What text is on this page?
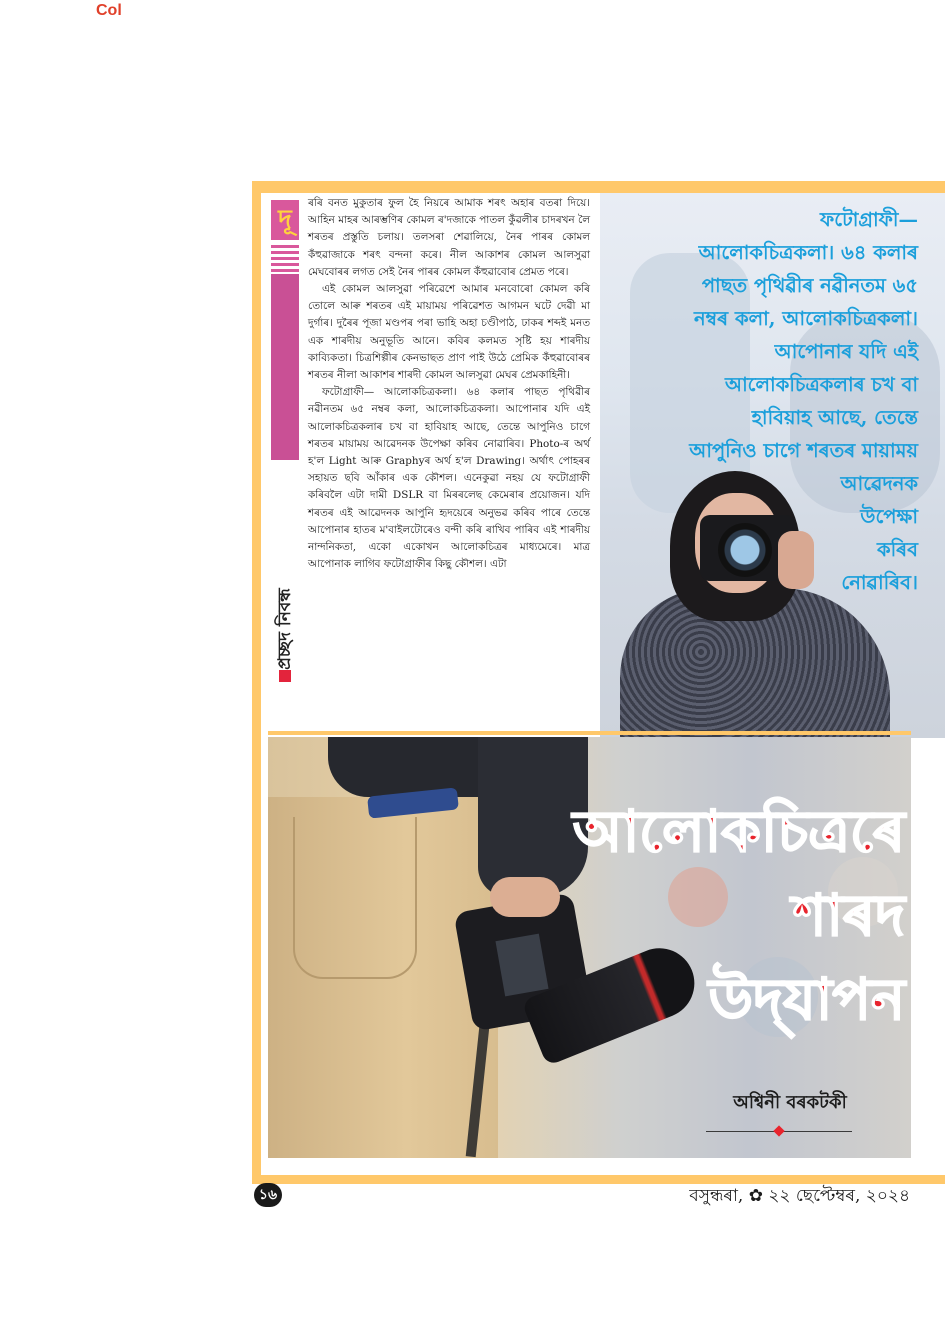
Col
দূ
প্ৰচ্ছদ নিবন্ধ

ৰৰি বনত মুকুতাৰ ফুল হৈ নিয়ৰে আমাক শৰৎ অহাৰ বতৰা দিয়ে। আহিন মাহৰ আৰম্ভণিৰ কোমল ৰ'দজাকে পাতল কুঁৱলীৰ চাদৰখন লৈ শৰতৰ প্ৰস্তুতি চলায়। তলসৰা শেৱালিয়ে, নৈৰ পাৰৰ কোমল কঁহুৱাজাকে শৰৎ বন্দনা কৰে। নীল আকাশৰ কোমল আলসুৱা মেঘবোৰৰ লগত সেই নৈৰ পাৰৰ কোমল কঁহুৱাবোৰ প্ৰেমত পৰে।

এই কোমল আলসুৱা পৰিৱেশে আমাৰ মনবোৰো কোমল কৰি তোলে আৰু শৰতৰ এই মায়াময় পৰিৱেশত আগমন ঘটে দেৱী মা দুৰ্গাৰ। দুৰৈৰ পূজা মণ্ডপৰ পৰা ভাহি অহা চণ্ডীপাঠ, ঢাকৰ শব্দই মনত এক শাৰদীয় অনুভূতি আনে। কবিৰ কলমত সৃষ্টি হয় শাৰদীয় কাব্যিকতা। চিত্ৰশিল্পীৰ কেনভাছত প্ৰাণ পাই উঠে প্ৰেমিক কঁহুৱাবোৰৰ শৰতৰ নীলা আকাশৰ শাৰদী কোমল আলসুৱা মেঘৰ প্ৰেমকাহিনী।

ফটোগ্ৰাফী— আলোকচিত্ৰকলা। ৬৪ কলাৰ পাছত পৃথিৱীৰ নৱীনতম ৬৫ নম্বৰ কলা, আলোকচিত্ৰকলা। আপোনাৰ যদি এই আলোকচিত্ৰকলাৰ চখ বা হাবিয়াহ আছে, তেন্তে আপুনিও চাগে শৰতৰ মায়াময় আৱেদনক উপেক্ষা কৰিব নোৱাৰিব। Photo-ৰ অৰ্থ হ'ল Light আৰু Graphyৰ অৰ্থ হ'ল Drawing। অৰ্থাৎ পোহৰৰ সহায়ত ছবি আঁকাৰ এক কৌশল। এনেকুৱা নহয় যে ফটোগ্ৰাফী কৰিবলৈ এটা দামী DSLR বা মিৰৰলেছ কেমেৰাৰ প্ৰয়োজন। যদি শৰতৰ এই আৱেদনক আপুনি হৃদয়েৰে অনুভৱ কৰিব পাৰে তেন্তে আপোনাৰ হাতৰ ম'বাইলটোৰেও বন্দী কৰি ৰাখিব পাৰিব এই শাৰদীয় নান্দনিকতা, একো একোখন আলোকচিত্ৰৰ মাধ্যমেৰে। মাত্ৰ আপোনাক লাগিব ফটোগ্ৰাফীৰ কিছু কৌশল। এটা

ফটোগ্ৰাফী—
আলোকচিত্ৰকলা। ৬৪ কলাৰ
পাছত পৃথিৱীৰ নৱীনতম ৬৫
নম্বৰ কলা, আলোকচিত্ৰকলা।
আপোনাৰ যদি এই
আলোকচিত্ৰকলাৰ চখ বা
হাবিয়াহ আছে, তেন্তে
আপুনিও চাগে শৰতৰ মায়াময়
আৱেদনক
উপেক্ষা
কৰিব
নোৱাৰিব।
আলোকচিত্ৰৰে
শাৰদ
উদ্‌যাপন
অশ্বিনী বৰকটকী
১৬	বসুন্ধৰা, ✿ ২২ ছেপ্টেম্বৰ, ২০২৪
